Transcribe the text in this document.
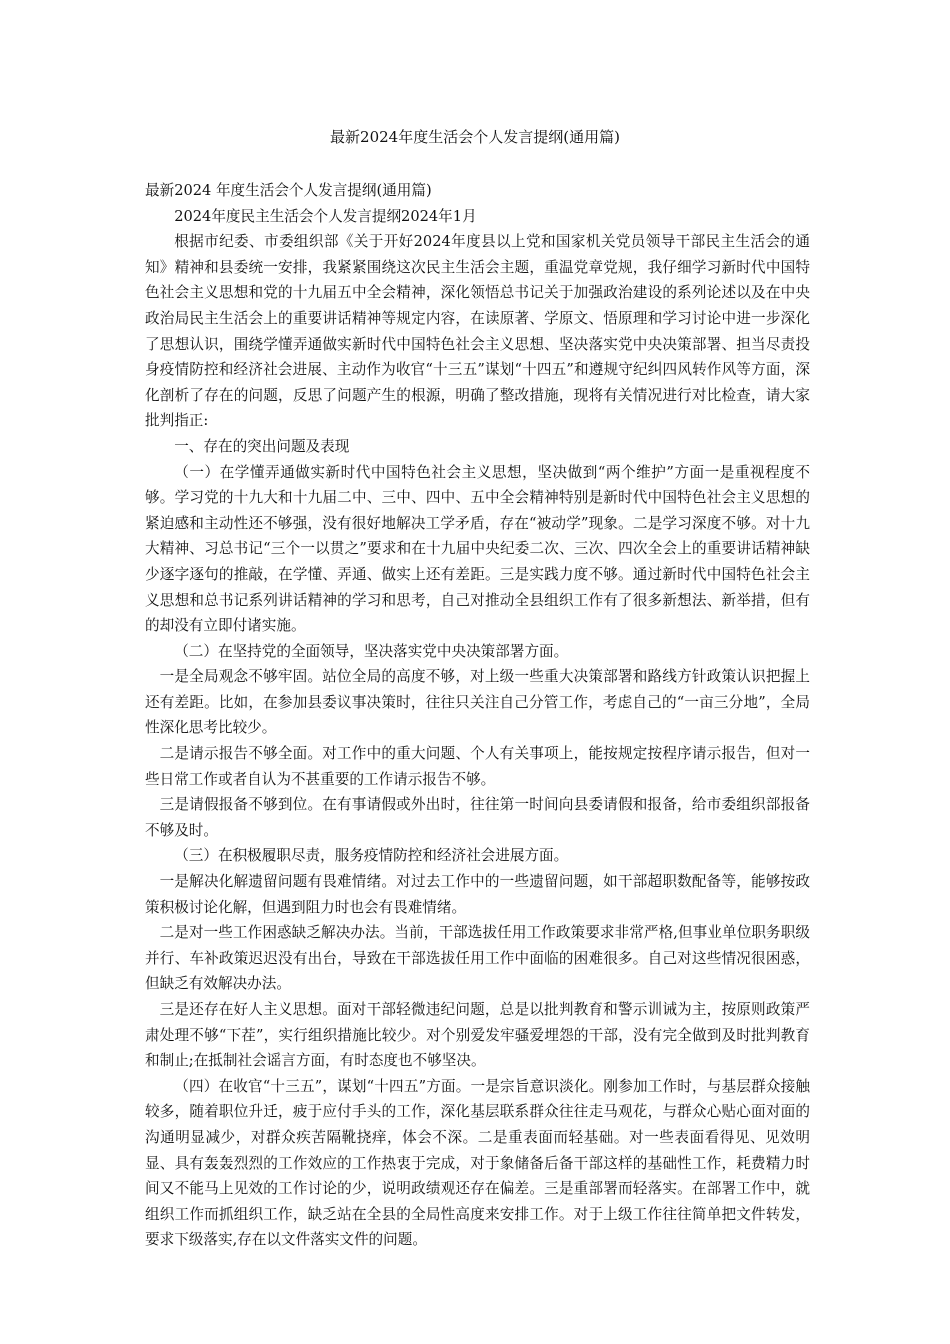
最新2024年度生活会个人发言提纲(通用篇)

最新2024 年度生活会个人发言提纲(通用篇)

2024年度民主生活会个人发言提纲2024年1月

根据市纪委、市委组织部《关于开好2024年度县以上党和国家机关党员领导干部民主生活会的通知》精神和县委统一安排，我紧紧围绕这次民主生活会主题，重温党章党规，我仔细学习新时代中国特色社会主义思想和党的十九届五中全会精神，深化领悟总书记关于加强政治建设的系列论述以及在中央政治局民主生活会上的重要讲话精神等规定内容，在读原著、学原文、悟原理和学习讨论中进一步深化了思想认识，围绕学懂弄通做实新时代中国特色社会主义思想、坚决落实党中央决策部署、担当尽责投身疫情防控和经济社会进展、主动作为收官“十三五”谋划“十四五”和遵规守纪纠四风转作风等方面，深化剖析了存在的问题，反思了问题产生的根源，明确了整改措施，现将有关情况进行对比检查，请大家批判指正:

一、存在的突出问题及表现

（一）在学懂弄通做实新时代中国特色社会主义思想，坚决做到“两个维护”方面一是重视程度不够。学习党的十九大和十九届二中、三中、四中、五中全会精神特别是新时代中国特色社会主义思想的紧迫感和主动性还不够强，没有很好地解决工学矛盾，存在“被动学”现象。二是学习深度不够。对十九大精神、习总书记“三个一以贯之”要求和在十九届中央纪委二次、三次、四次全会上的重要讲话精神缺少逐字逐句的推敲，在学懂、弄通、做实上还有差距。三是实践力度不够。通过新时代中国特色社会主义思想和总书记系列讲话精神的学习和思考，自己对推动全县组织工作有了很多新想法、新举措，但有的却没有立即付诸实施。

（二）在坚持党的全面领导，坚决落实党中央决策部署方面。

一是全局观念不够牢固。站位全局的高度不够，对上级一些重大决策部署和路线方针政策认识把握上还有差距。比如，在参加县委议事决策时，往往只关注自己分管工作，考虑自己的“一亩三分地”，全局性深化思考比较少。

二是请示报告不够全面。对工作中的重大问题、个人有关事项上，能按规定按程序请示报告，但对一些日常工作或者自认为不甚重要的工作请示报告不够。

三是请假报备不够到位。在有事请假或外出时，往往第一时间向县委请假和报备，给市委组织部报备不够及时。

（三）在积极履职尽责，服务疫情防控和经济社会进展方面。

一是解决化解遗留问题有畏难情绪。对过去工作中的一些遗留问题，如干部超职数配备等，能够按政策积极讨论化解，但遇到阻力时也会有畏难情绪。

二是对一些工作困惑缺乏解决办法。当前，干部选拔任用工作政策要求非常严格,但事业单位职务职级并行、车补政策迟迟没有出台，导致在干部选拔任用工作中面临的困难很多。自己对这些情况很困惑，但缺乏有效解决办法。

三是还存在好人主义思想。面对干部轻微违纪问题，总是以批判教育和警示训诫为主，按原则政策严肃处理不够“下茬”，实行组织措施比较少。对个别爱发牢骚爱埋怨的干部，没有完全做到及时批判教育和制止;在抵制社会谣言方面，有时态度也不够坚决。

（四）在收官“十三五”，谋划“十四五”方面。一是宗旨意识淡化。刚参加工作时，与基层群众接触较多，随着职位升迁，疲于应付手头的工作，深化基层联系群众往往走马观花，与群众心贴心面对面的沟通明显减少，对群众疾苦隔靴挠痒，体会不深。二是重表面而轻基础。对一些表面看得见、见效明显、具有轰轰烈烈的工作效应的工作热衷于完成，对于象储备后备干部这样的基础性工作，耗费精力时间又不能马上见效的工作讨论的少，说明政绩观还存在偏差。三是重部署而轻落实。在部署工作中，就组织工作而抓组织工作，缺乏站在全县的全局性高度来安排工作。对于上级工作往往简单把文件转发，要求下级落实,存在以文件落实文件的问题。
